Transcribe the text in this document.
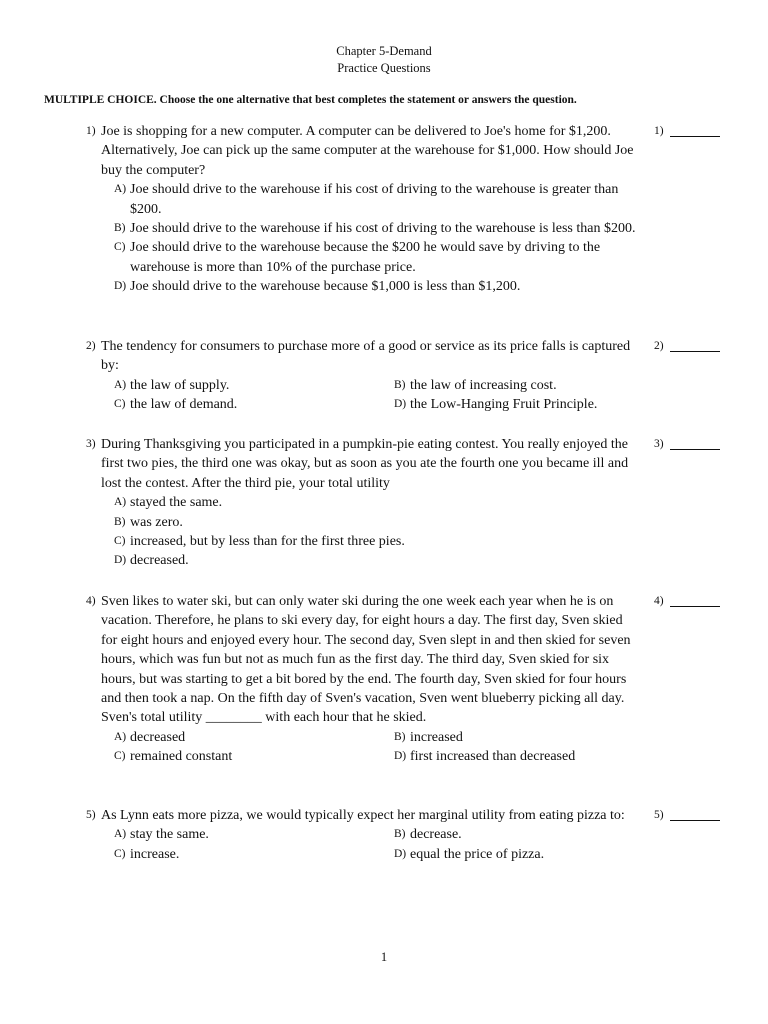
Chapter 5-Demand
Practice Questions
MULTIPLE CHOICE. Choose the one alternative that best completes the statement or answers the question.
1) Joe is shopping for a new computer. A computer can be delivered to Joe's home for $1,200. Alternatively, Joe can pick up the same computer at the warehouse for $1,000. How should Joe buy the computer?
A) Joe should drive to the warehouse if his cost of driving to the warehouse is greater than $200.
B) Joe should drive to the warehouse if his cost of driving to the warehouse is less than $200.
C) Joe should drive to the warehouse because the $200 he would save by driving to the warehouse is more than 10% of the purchase price.
D) Joe should drive to the warehouse because $1,000 is less than $1,200.
1)
2) The tendency for consumers to purchase more of a good or service as its price falls is captured by:
A) the law of supply.	B) the law of increasing cost.
C) the law of demand.	D) the Low-Hanging Fruit Principle.
2)
3) During Thanksgiving you participated in a pumpkin-pie eating contest. You really enjoyed the first two pies, the third one was okay, but as soon as you ate the fourth one you became ill and lost the contest. After the third pie, your total utility
A) stayed the same.
B) was zero.
C) increased, but by less than for the first three pies.
D) decreased.
3)
4) Sven likes to water ski, but can only water ski during the one week each year when he is on vacation. Therefore, he plans to ski every day, for eight hours a day. The first day, Sven skied for eight hours and enjoyed every hour. The second day, Sven slept in and then skied for seven hours, which was fun but not as much fun as the first day. The third day, Sven skied for six hours, but was starting to get a bit bored by the end. The fourth day, Sven skied for four hours and then took a nap. On the fifth day of Sven's vacation, Sven went blueberry picking all day. Sven's total utility ________ with each hour that he skied.
A) decreased	B) increased
C) remained constant	D) first increased than decreased
4)
5) As Lynn eats more pizza, we would typically expect her marginal utility from eating pizza to:
A) stay the same.	B) decrease.
C) increase.	D) equal the price of pizza.
5)
1
